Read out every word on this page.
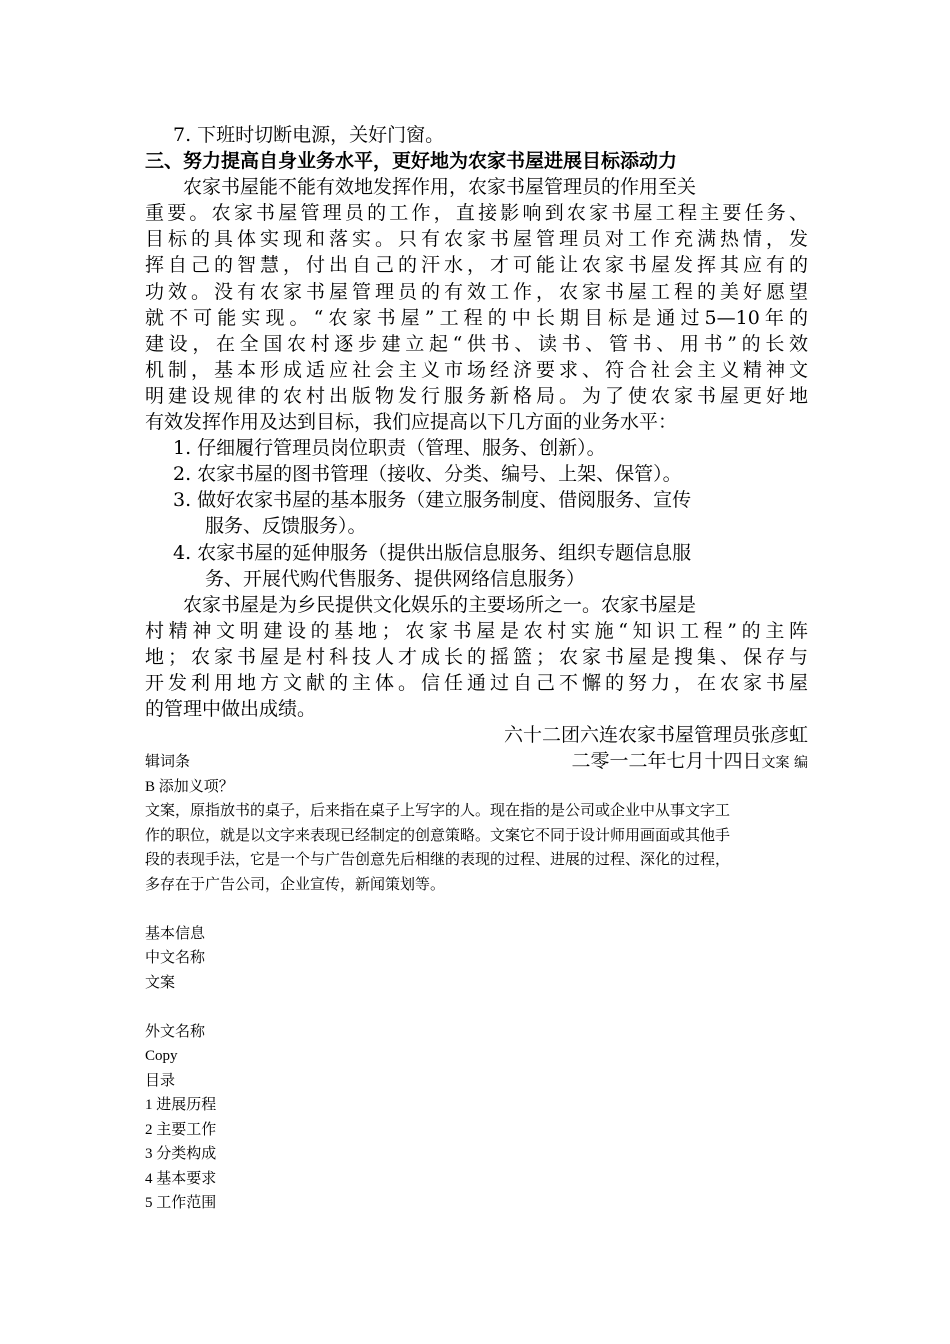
7. 下班时切断电源，关好门窗。

三、努力提高自身业务水平，更好地为农家书屋进展目标添动力

农家书屋能不能有效地发挥作用，农家书屋管理员的作用至关

重要。农家书屋管理员的工作，直接影响到农家书屋工程主要任务、

目标的具体实现和落实。只有农家书屋管理员对工作充满热情，发

挥自己的智慧，付出自己的汗水，才可能让农家书屋发挥其应有的

功效。没有农家书屋管理员的有效工作，农家书屋工程的美好愿望

就不可能实现。“农家书屋”工程的中长期目标是通过5—10年的

建设，在全国农村逐步建立起“供书、读书、管书、用书”的长效

机制，基本形成适应社会主义市场经济要求、符合社会主义精神文

明建设规律的农村出版物发行服务新格局。为了使农家书屋更好地

有效发挥作用及达到目标，我们应提高以下几方面的业务水平：

1. 仔细履行管理员岗位职责（管理、服务、创新）。

2. 农家书屋的图书管理（接收、分类、编号、上架、保管）。

3. 做好农家书屋的基本服务（建立服务制度、借阅服务、宣传

服务、反馈服务）。

4. 农家书屋的延伸服务（提供出版信息服务、组织专题信息服

务、开展代购代售服务、提供网络信息服务）

农家书屋是为乡民提供文化娱乐的主要场所之一。农家书屋是

村精神文明建设的基地；农家书屋是农村实施“知识工程”的主阵

地；农家书屋是村科技人才成长的摇篮；农家书屋是搜集、保存与

开发利用地方文献的主体。信任通过自己不懈的努力，在农家书屋

的管理中做出成绩。

六十二团六连农家书屋管理员张彦虹

二零一二年七月十四日文案 编

辑词条

B 添加义项？

文案，原指放书的桌子，后来指在桌子上写字的人。现在指的是公司或企业中从事文字工

作的职位，就是以文字来表现已经制定的创意策略。文案它不同于设计师用画面或其他手

段的表现手法，它是一个与广告创意先后相继的表现的过程、进展的过程、深化的过程，

多存在于广告公司，企业宣传，新闻策划等。

基本信息

中文名称

文案

外文名称

Copy

目录

1 进展历程

2 主要工作

3 分类构成

4 基本要求

5 工作范围
